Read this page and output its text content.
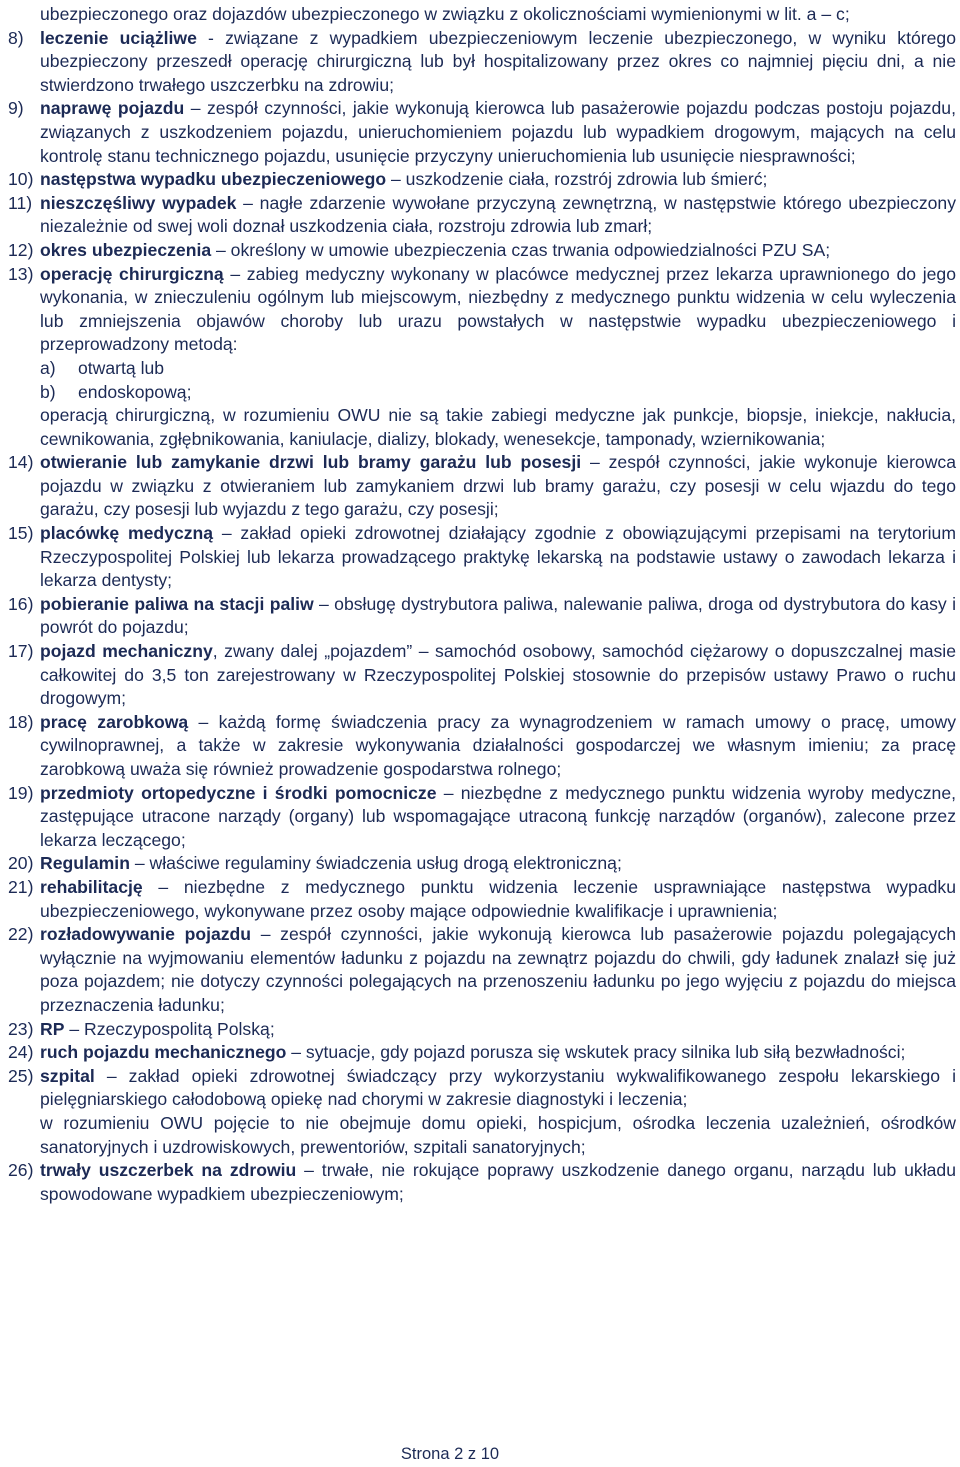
ubezpieczonego oraz dojazdów ubezpieczonego w związku z okolicznościami wymienionymi w lit. a – c;
8) leczenie uciążliwe - związane z wypadkiem ubezpieczeniowym leczenie ubezpieczonego, w wyniku którego ubezpieczony przeszedł operację chirurgiczną lub był hospitalizowany przez okres co najmniej pięciu dni, a nie stwierdzono trwałego uszczerbku na zdrowiu;
9) naprawę pojazdu – zespół czynności, jakie wykonują kierowca lub pasażerowie pojazdu podczas postoju pojazdu, związanych z uszkodzeniem pojazdu, unieruchomieniem pojazdu lub wypadkiem drogowym, mających na celu kontrolę stanu technicznego pojazdu, usunięcie przyczyny unieruchomienia lub usunięcie niesprawności;
10) następstwa wypadku ubezpieczeniowego – uszkodzenie ciała, rozstrój zdrowia lub śmierć;
11) nieszczęśliwy wypadek – nagłe zdarzenie wywołane przyczyną zewnętrzną, w następstwie którego ubezpieczony niezależnie od swej woli doznał uszkodzenia ciała, rozstroju zdrowia lub zmarł;
12) okres ubezpieczenia – określony w umowie ubezpieczenia czas trwania odpowiedzialności PZU SA;
13) operację chirurgiczną – zabieg medyczny wykonany w placówce medycznej przez lekarza uprawnionego do jego wykonania, w znieczuleniu ogólnym lub miejscowym, niezbędny z medycznego punktu widzenia w celu wyleczenia lub zmniejszenia objawów choroby lub urazu powstałych w następstwie wypadku ubezpieczeniowego i przeprowadzony metodą:
a)	otwartą lub
b)	endoskopową;
operacją chirurgiczną, w rozumieniu OWU nie są takie zabiegi medyczne jak punkcje, biopsje, iniekcje, nakłucia, cewnikowania, zgłębnikowania, kaniulacje, dializy, blokady, wenesekcje, tamponady, wziernikowania;
14) otwieranie lub zamykanie drzwi lub bramy garażu lub posesji – zespół czynności, jakie wykonuje kierowca pojazdu w związku z otwieraniem lub zamykaniem drzwi lub bramy garażu, czy posesji w celu wjazdu do tego garażu, czy posesji lub wyjazdu z tego garażu, czy posesji;
15) placówkę medyczną – zakład opieki zdrowotnej działający zgodnie z obowiązującymi przepisami na terytorium Rzeczypospolitej Polskiej lub lekarza prowadzącego praktykę lekarską na podstawie ustawy o zawodach lekarza i lekarza dentysty;
16) pobieranie paliwa na stacji paliw – obsługę dystrybutora paliwa, nalewanie paliwa, droga od dystrybutora do kasy i powrót do pojazdu;
17) pojazd mechaniczny, zwany dalej „pojazdem” – samochód osobowy, samochód ciężarowy o dopuszczalnej masie całkowitej do 3,5 ton zarejestrowany w Rzeczypospolitej Polskiej stosownie do przepisów ustawy Prawo o ruchu drogowym;
18) pracę zarobkową – każdą formę świadczenia pracy za wynagrodzeniem w ramach umowy o pracę, umowy cywilnoprawnej, a także w zakresie wykonywania działalności gospodarczej we własnym imieniu; za pracę zarobkową uważa się również prowadzenie gospodarstwa rolnego;
19) przedmioty ortopedyczne i środki pomocnicze – niezbędne z medycznego punktu widzenia wyroby medyczne, zastępujące utracone narządy (organy) lub wspomagające utraconą funkcję narządów (organów), zalecone przez lekarza leczącego;
20) Regulamin – właściwe regulaminy świadczenia usług drogą elektroniczną;
21) rehabilitację – niezbędne z medycznego punktu widzenia leczenie usprawniające następstwa wypadku ubezpieczeniowego, wykonywane przez osoby mające odpowiednie kwalifikacje i uprawnienia;
22) rozładowywanie pojazdu – zespół czynności, jakie wykonują kierowca lub pasażerowie pojazdu polegających wyłącznie na wyjmowaniu elementów ładunku z pojazdu na zewnątrz pojazdu do chwili, gdy ładunek znalazł się już poza pojazdem; nie dotyczy czynności polegających na przenoszeniu ładunku po jego wyjęciu z pojazdu do miejsca przeznaczenia ładunku;
23) RP – Rzeczypospolitą Polską;
24) ruch pojazdu mechanicznego – sytuacje, gdy pojazd porusza się wskutek pracy silnika lub siłą bezwładności;
25) szpital – zakład opieki zdrowotnej świadczący przy wykorzystaniu wykwalifikowanego zespołu lekarskiego i pielęgniarskiego całodobową opiekę nad chorymi w zakresie diagnostyki i leczenia;
w rozumieniu OWU pojęcie to nie obejmuje domu opieki, hospicjum, ośrodka leczenia uzależnień, ośrodków sanatoryjnych i uzdrowiskowych, prewentoriów, szpitali sanatoryjnych;
26) trwały uszczerbek na zdrowiu – trwałe, nie rokujące poprawy uszkodzenie danego organu, narządu lub układu spowodowane wypadkiem ubezpieczeniowym;
Strona 2 z 10
